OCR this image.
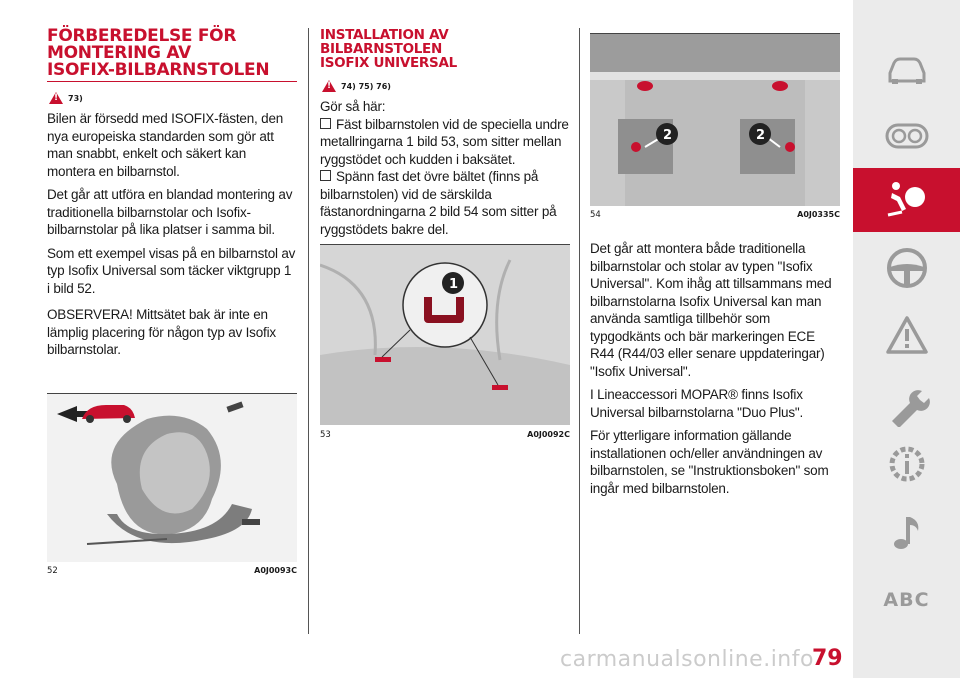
FÖRBEREDELSE FÖR
MONTERING AV
ISOFIX-BILBARNSTOLEN
!
73)

Bilen är försedd med ISOFIX-fästen, den nya europeiska standarden som gör att man snabbt, enkelt och säkert kan montera en bilbarnstol.

Det går att utföra en blandad montering av traditionella bilbarnstolar och Isofix-bilbarnstolar på lika platser i samma bil.

Som ett exempel visas på en bilbarnstol av typ Isofix Universal som täcker viktgrupp 1 i bild 52.

OBSERVERA! Mittsätet bak är inte en lämplig placering för någon typ av Isofix bilbarnstolar.

52	A0J0093C
INSTALLATION AV BILBARNSTOLEN
ISOFIX UNIVERSAL
!
74) 75) 76)

Gör så här:

Fäst bilbarnstolen vid de speciella undre metallringarna 1 bild 53, som sitter mellan ryggstödet och kudden i baksätet.

Spänn fast det övre bältet (finns på bilbarnstolen) vid de särskilda fästanordningarna 2 bild 54 som sitter på ryggstödets bakre del.

1
53	A0J0092C
2	2
54	A0J0335C

Det går att montera både traditionella bilbarnstolar och stolar av typen "Isofix Universal". Kom ihåg att tillsammans med bilbarnstolarna Isofix Universal kan man använda samtliga tillbehör som typgodkänts och bär markeringen ECE R44 (R44/03 eller senare uppdateringar) "Isofix Universal".

I Lineaccessori MOPAR® finns Isofix Universal bilbarnstolarna "Duo Plus".

För ytterligare information gällande installationen och/eller användningen av bilbarnstolen, se "Instruktionsboken" som ingår med bilbarnstolen.

ABC
carmanualsonline.info
79
